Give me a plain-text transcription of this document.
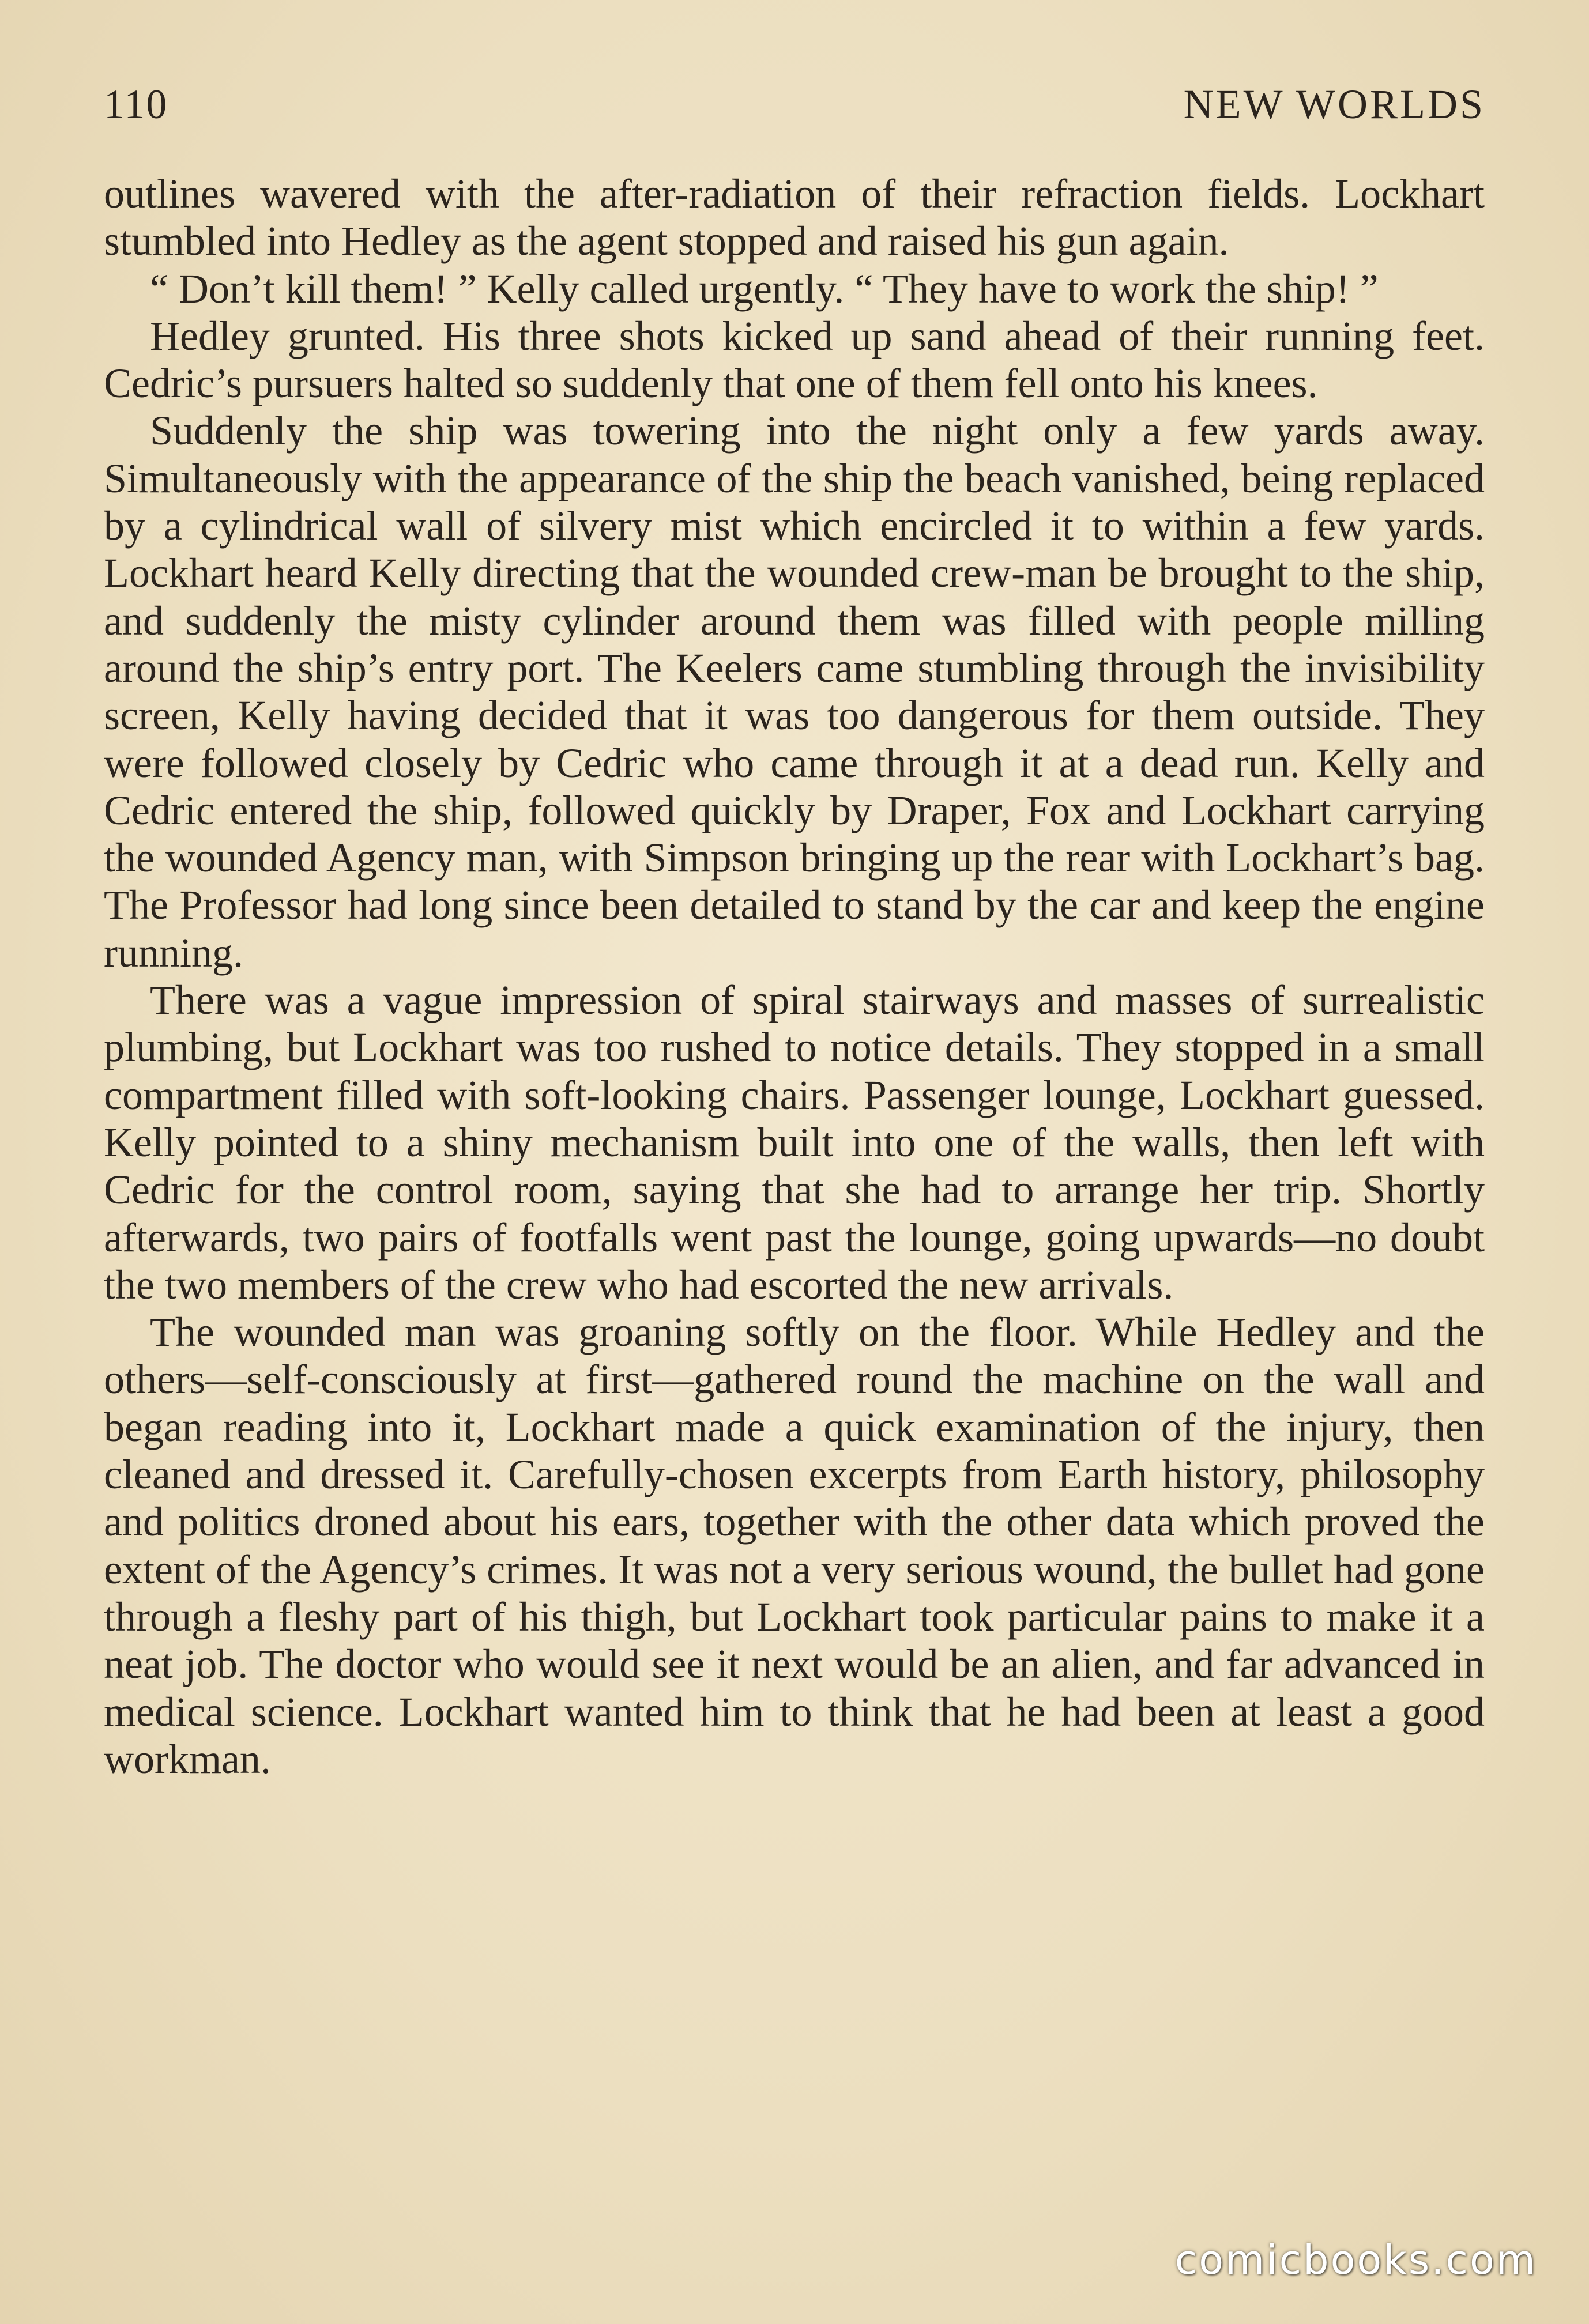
110	NEW WORLDS

outlines wavered with the after-radiation of their refraction fields. Lockhart stumbled into Hedley as the agent stopped and raised his gun again.

“ Don’t kill them! ” Kelly called urgently. “ They have to work the ship! ”

Hedley grunted. His three shots kicked up sand ahead of their running feet. Cedric’s pursuers halted so suddenly that one of them fell onto his knees.

Suddenly the ship was towering into the night only a few yards away. Simultaneously with the appearance of the ship the beach vanished, being replaced by a cylindrical wall of silvery mist which encircled it to within a few yards. Lockhart heard Kelly directing that the wounded crew-man be brought to the ship, and suddenly the misty cylinder around them was filled with people milling around the ship’s entry port. The Keelers came stumbling through the invisibility screen, Kelly having decided that it was too dangerous for them outside. They were followed closely by Cedric who came through it at a dead run. Kelly and Cedric entered the ship, followed quickly by Draper, Fox and Lockhart carrying the wounded Agency man, with Simpson bringing up the rear with Lockhart’s bag. The Professor had long since been detailed to stand by the car and keep the engine running.

There was a vague impression of spiral stairways and masses of surrealistic plumbing, but Lockhart was too rushed to notice details. They stopped in a small compartment filled with soft-looking chairs. Passenger lounge, Lockhart guessed. Kelly pointed to a shiny mechanism built into one of the walls, then left with Cedric for the control room, saying that she had to arrange her trip. Shortly afterwards, two pairs of footfalls went past the lounge, going upwards—no doubt the two members of the crew who had escorted the new arrivals.

The wounded man was groaning softly on the floor. While Hedley and the others—self-consciously at first—gathered round the machine on the wall and began reading into it, Lockhart made a quick examination of the injury, then cleaned and dressed it. Carefully-chosen excerpts from Earth history, philosophy and politics droned about his ears, together with the other data which proved the extent of the Agency’s crimes. It was not a very serious wound, the bullet had gone through a fleshy part of his thigh, but Lockhart took particular pains to make it a neat job. The doctor who would see it next would be an alien, and far advanced in medical science. Lockhart wanted him to think that he had been at least a good workman.

comicbooks.com
